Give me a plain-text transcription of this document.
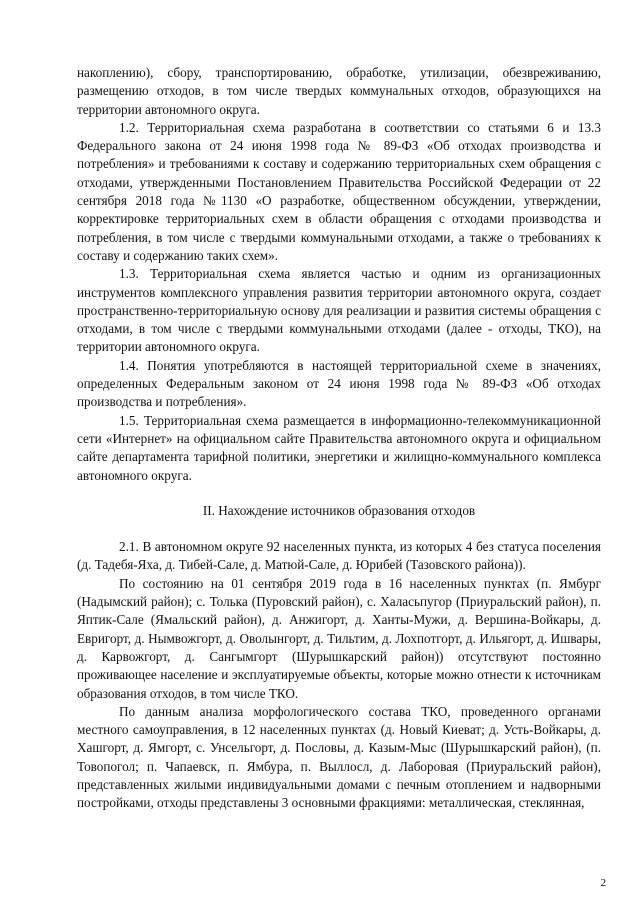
накоплению), сбору, транспортированию, обработке, утилизации, обезвреживанию, размещению отходов, в том числе твердых коммунальных отходов, образующихся на территории автономного округа.

1.2. Территориальная схема разработана в соответствии со статьями 6 и 13.3 Федерального закона от 24 июня 1998 года № 89-ФЗ «Об отходах производства и потребления» и требованиями к составу и содержанию территориальных схем обращения с отходами, утвержденными Постановлением Правительства Российской Федерации от 22 сентября 2018 года №1130 «О разработке, общественном обсуждении, утверждении, корректировке территориальных схем в области обращения с отходами производства и потребления, в том числе с твердыми коммунальными отходами, а также о требованиях к составу и содержанию таких схем».

1.3. Территориальная схема является частью и одним из организационных инструментов комплексного управления развития территории автономного округа, создает пространственно-территориальную основу для реализации и развития системы обращения с отходами, в том числе с твердыми коммунальными отходами (далее - отходы, ТКО), на территории автономного округа.

1.4. Понятия употребляются в настоящей территориальной схеме в значениях, определенных Федеральным законом от 24 июня 1998 года № 89-ФЗ «Об отходах производства и потребления».

1.5. Территориальная схема размещается в информационно-телекоммуникационной сети «Интернет» на официальном сайте Правительства автономного округа и официальном сайте департамента тарифной политики, энергетики и жилищно-коммунального комплекса автономного округа.

II. Нахождение источников образования отходов

2.1. В автономном округе 92 населенных пункта, из которых 4 без статуса поселения (д. Тадебя-Яха, д. Тибей-Сале, д. Матюй-Сале, д. Юрибей (Тазовского района)).

По состоянию на 01 сентября 2019 года в 16 населенных пунктах (п. Ямбург (Надымский район); с. Толька (Пуровский район), с. Халасьпугор (Приуральский район), п. Яптик-Сале (Ямальский район), д. Анжигорт, д. Ханты-Мужи, д. Вершина-Войкары, д. Евригорт, д. Нымвожгорт, д. Оволынгорт, д. Тильтим, д. Лохпотгорт, д. Ильягорт, д. Ишвары, д. Карвожгорт, д. Сангымгорт (Шурышкарский район)) отсутствуют постоянно проживающее население и эксплуатируемые объекты, которые можно отнести к источникам образования отходов, в том числе ТКО.

По данным анализа морфологического состава ТКО, проведенного органами местного самоуправления, в 12 населенных пунктах (д. Новый Киеват; д. Усть-Войкары, д. Хашгорт, д. Ямгорт, с. Унсельгорт, д. Пословы, д. Казым-Мыс (Шурышкарский район), (п. Товопогол; п. Чапаевск, п. Ямбура, п. Выллосл, д. Лаборовая (Приуральский район), представленных жилыми индивидуальными домами с печным отоплением и надворными постройками, отходы представлены 3 основными фракциями: металлическая, стеклянная,

2
